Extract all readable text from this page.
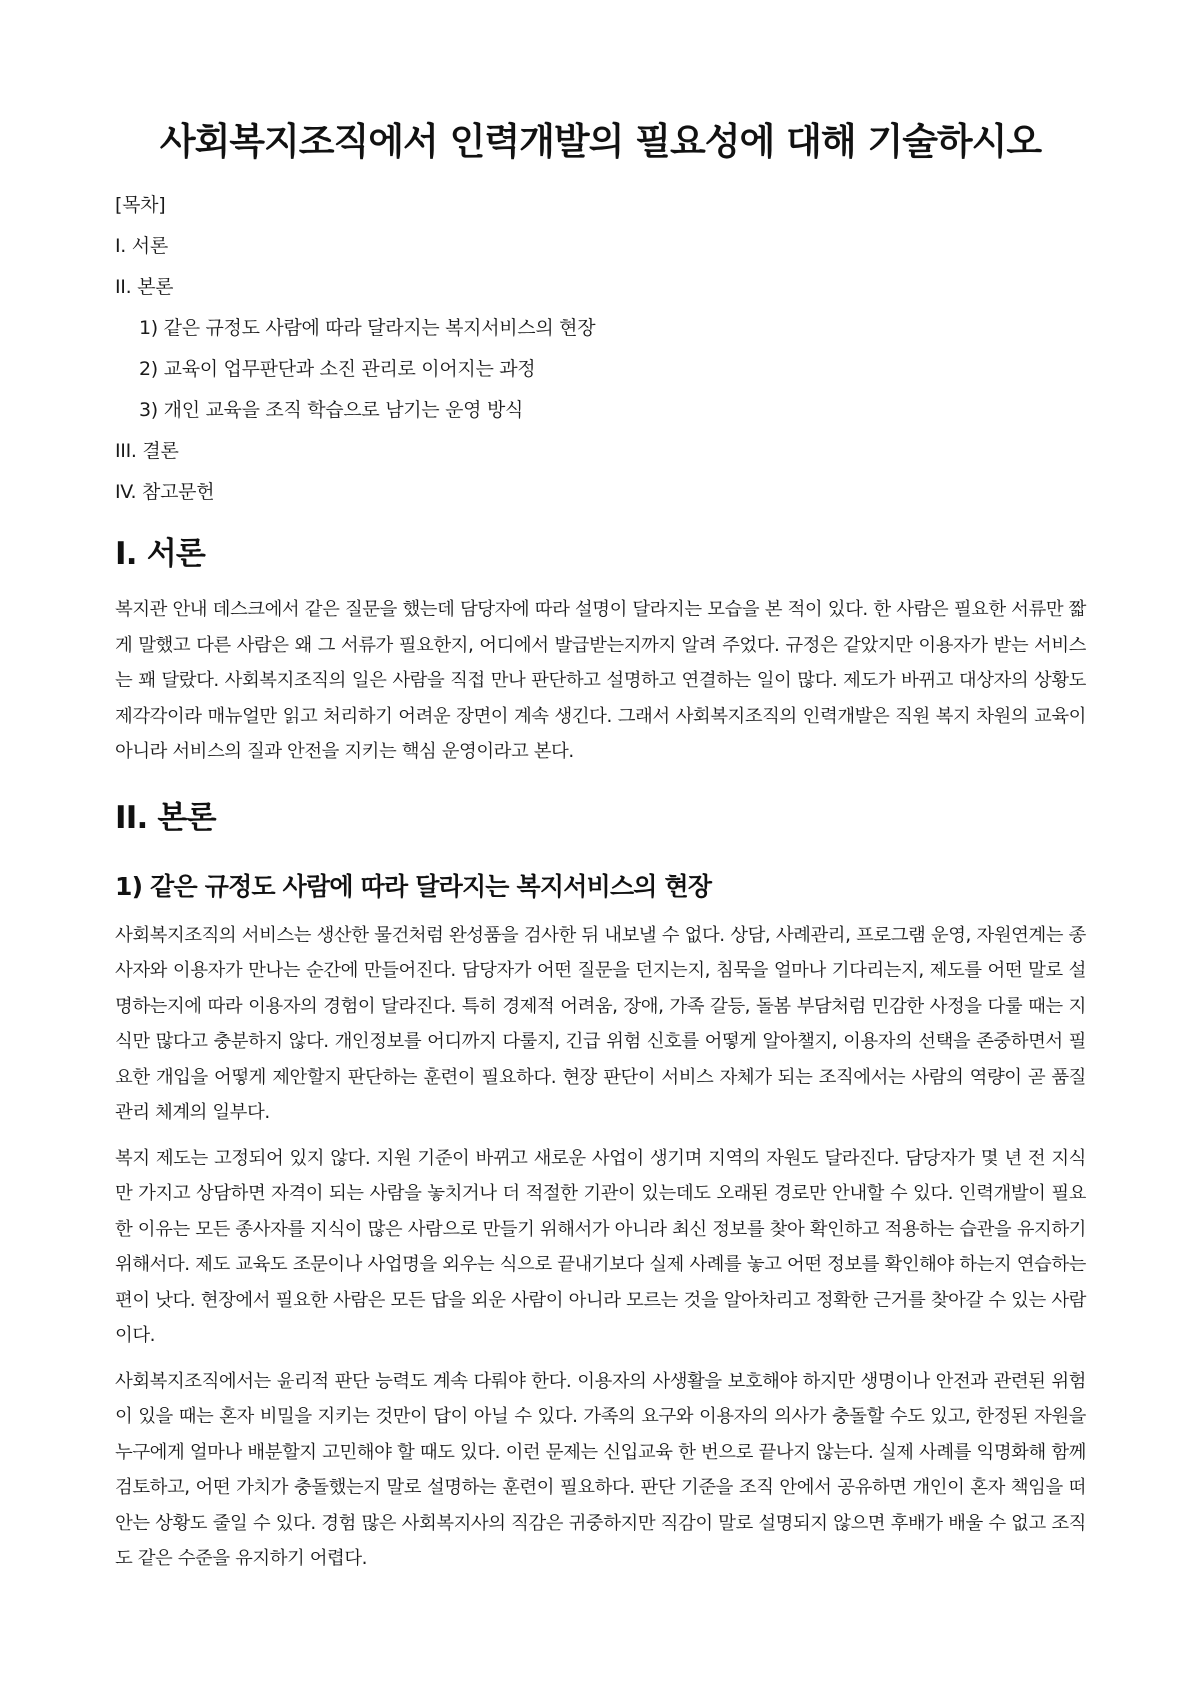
사회복지조직에서 인력개발의 필요성에 대해 기술하시오
[목차]
I. 서론
II. 본론
1) 같은 규정도 사람에 따라 달라지는 복지서비스의 현장
2) 교육이 업무판단과 소진 관리로 이어지는 과정
3) 개인 교육을 조직 학습으로 남기는 운영 방식
III. 결론
IV. 참고문헌
I. 서론

복지관 안내 데스크에서 같은 질문을 했는데 담당자에 따라 설명이 달라지는 모습을 본 적이 있다. 한 사람은 필요한 서류만 짧게 말했고 다른 사람은 왜 그 서류가 필요한지, 어디에서 발급받는지까지 알려 주었다. 규정은 같았지만 이용자가 받는 서비스는 꽤 달랐다. 사회복지조직의 일은 사람을 직접 만나 판단하고 설명하고 연결하는 일이 많다. 제도가 바뀌고 대상자의 상황도 제각각이라 매뉴얼만 읽고 처리하기 어려운 장면이 계속 생긴다. 그래서 사회복지조직의 인력개발은 직원 복지 차원의 교육이 아니라 서비스의 질과 안전을 지키는 핵심 운영이라고 본다.

II. 본론
1) 같은 규정도 사람에 따라 달라지는 복지서비스의 현장

사회복지조직의 서비스는 생산한 물건처럼 완성품을 검사한 뒤 내보낼 수 없다. 상담, 사례관리, 프로그램 운영, 자원연계는 종사자와 이용자가 만나는 순간에 만들어진다. 담당자가 어떤 질문을 던지는지, 침묵을 얼마나 기다리는지, 제도를 어떤 말로 설명하는지에 따라 이용자의 경험이 달라진다. 특히 경제적 어려움, 장애, 가족 갈등, 돌봄 부담처럼 민감한 사정을 다룰 때는 지식만 많다고 충분하지 않다. 개인정보를 어디까지 다룰지, 긴급 위험 신호를 어떻게 알아챌지, 이용자의 선택을 존중하면서 필요한 개입을 어떻게 제안할지 판단하는 훈련이 필요하다. 현장 판단이 서비스 자체가 되는 조직에서는 사람의 역량이 곧 품질관리 체계의 일부다.

복지 제도는 고정되어 있지 않다. 지원 기준이 바뀌고 새로운 사업이 생기며 지역의 자원도 달라진다. 담당자가 몇 년 전 지식만 가지고 상담하면 자격이 되는 사람을 놓치거나 더 적절한 기관이 있는데도 오래된 경로만 안내할 수 있다. 인력개발이 필요한 이유는 모든 종사자를 지식이 많은 사람으로 만들기 위해서가 아니라 최신 정보를 찾아 확인하고 적용하는 습관을 유지하기 위해서다. 제도 교육도 조문이나 사업명을 외우는 식으로 끝내기보다 실제 사례를 놓고 어떤 정보를 확인해야 하는지 연습하는 편이 낫다. 현장에서 필요한 사람은 모든 답을 외운 사람이 아니라 모르는 것을 알아차리고 정확한 근거를 찾아갈 수 있는 사람이다.

사회복지조직에서는 윤리적 판단 능력도 계속 다뤄야 한다. 이용자의 사생활을 보호해야 하지만 생명이나 안전과 관련된 위험이 있을 때는 혼자 비밀을 지키는 것만이 답이 아닐 수 있다. 가족의 요구와 이용자의 의사가 충돌할 수도 있고, 한정된 자원을 누구에게 얼마나 배분할지 고민해야 할 때도 있다. 이런 문제는 신입교육 한 번으로 끝나지 않는다. 실제 사례를 익명화해 함께 검토하고, 어떤 가치가 충돌했는지 말로 설명하는 훈련이 필요하다. 판단 기준을 조직 안에서 공유하면 개인이 혼자 책임을 떠안는 상황도 줄일 수 있다. 경험 많은 사회복지사의 직감은 귀중하지만 직감이 말로 설명되지 않으면 후배가 배울 수 없고 조직도 같은 수준을 유지하기 어렵다.
